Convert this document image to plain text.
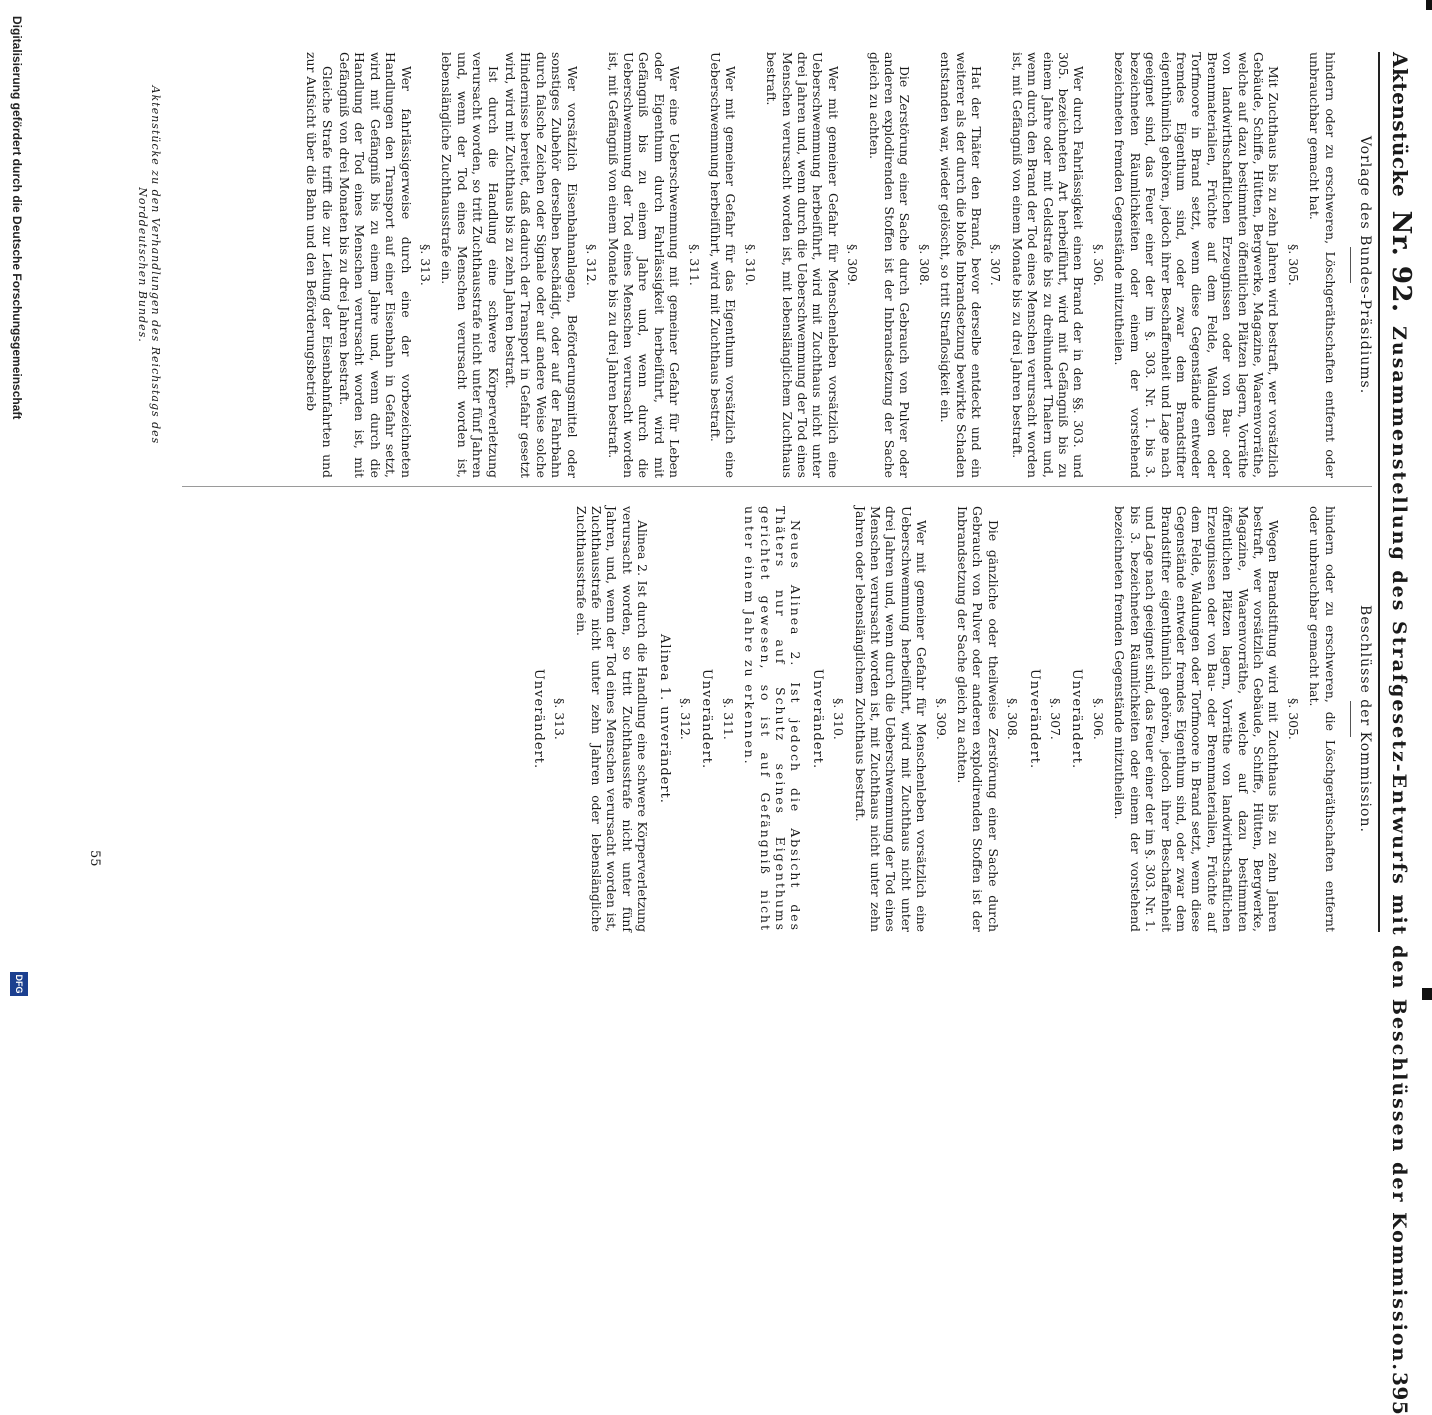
Aktenstücke Nr. 92. Zusammenstellung des Strafgesetz-Entwurfs mit den Beschlüssen der Kommission.
395
Vorlage des Bundes-Präsidiums.
hindern oder zu erschweren, Löschgeräthschaften entfernt oder unbrauchbar gemacht hat.
§. 305.
Mit Zuchthaus bis zu zehn Jahren wird bestraft, wer vorsätzlich Gebäude, Schiffe, Hütten, Bergwerke, Magazine, Waarenvorräthe, welche auf dazu bestimmten öffentlichen Plätzen lagern, Vorräthe von landwirthschaftlichen Erzeugnissen oder von Bau- oder Brennmaterialien, Früchte auf dem Felde, Waldungen oder Torfmoore in Brand setzt, wenn diese Gegenstände entweder fremdes Eigenthum sind, oder zwar dem Brandstifter eigenthümlich gehören, jedoch ihrer Beschaffenheit und Lage nach geeignet sind, das Feuer einer der im §. 303. Nr. 1. bis 3. bezeichneten Räumlichkeiten oder einem der vorstehend bezeichneten fremden Gegenstände mitzutheilen.
§. 306.
Wer durch Fahrlässigkeit einen Brand der in den §§. 303. und 305. bezeichneten Art herbeiführt, wird mit Gefängniß bis zu einem Jahre oder mit Geldstrafe bis zu dreihundert Thalern und, wenn durch den Brand der Tod eines Menschen verursacht worden ist, mit Gefängniß von einem Monate bis zu drei Jahren bestraft.
§. 307.
Hat der Thäter den Brand, bevor derselbe entdeckt und ein weiterer als der durch die bloße Inbrandsetzung bewirkte Schaden entstanden war, wieder gelöscht, so tritt Straflosigkeit ein.
§. 308.
Die Zerstörung einer Sache durch Gebrauch von Pulver oder anderen explodirenden Stoffen ist der Inbrandsetzung der Sache gleich zu achten.
§. 309.
Wer mit gemeiner Gefahr für Menschenleben vorsätzlich eine Ueberschwemmung herbeiführt, wird mit Zuchthaus nicht unter drei Jahren und, wenn durch die Ueberschwemmung der Tod eines Menschen verursacht worden ist, mit lebenslänglichem Zuchthaus bestraft.
§. 310.
Wer mit gemeiner Gefahr für das Eigenthum vorsätzlich eine Ueberschwemmung herbeiführt, wird mit Zuchthaus bestraft.
§. 311.
Wer eine Ueberschwemmung mit gemeiner Gefahr für Leben oder Eigenthum durch Fahrlässigkeit herbeiführt, wird mit Gefängniß bis zu einem Jahre und, wenn durch die Ueberschwemmung der Tod eines Menschen verursacht worden ist, mit Gefängniß von einem Monate bis zu drei Jahren bestraft.
§. 312.
Wer vorsätzlich Eisenbahnanlagen, Beförderungsmittel oder sonstiges Zubehör derselben beschädigt, oder auf der Fahrbahn durch falsche Zeichen oder Signale oder auf andere Weise solche Hindernisse bereitet, daß dadurch der Transport in Gefahr gesetzt wird, wird mit Zuchthaus bis zu zehn Jahren bestraft.
Ist durch die Handlung eine schwere Körperverletzung verursacht worden, so tritt Zuchthausstrafe nicht unter fünf Jahren und, wenn der Tod eines Menschen verursacht worden ist, lebenslängliche Zuchthausstrafe ein.
§. 313.
Wer fahrlässigerweise durch eine der vorbezeichneten Handlungen den Transport auf einer Eisenbahn in Gefahr setzt, wird mit Gefängniß bis zu einem Jahre und, wenn durch die Handlung der Tod eines Menschen verursacht worden ist, mit Gefängniß von drei Monaten bis zu drei Jahren bestraft.
Gleiche Strafe trifft die zur Leitung der Eisenbahnfahrten und zur Aufsicht über die Bahn und den Beförderungsbetrieb
Beschlüsse der Kommission.
hindern oder zu erschweren, die Löschgeräthschaften entfernt oder unbrauchbar gemacht hat.
§. 305.
Wegen Brandstiftung wird mit Zuchthaus bis zu zehn Jahren bestraft, wer vorsätzlich Gebäude, Schiffe, Hütten, Bergwerke, Magazine, Waarenvorräthe, welche auf dazu bestimmten öffentlichen Plätzen lagern, Vorräthe von landwirthschaftlichen Erzeugnissen oder von Bau- oder Brennmaterialien, Früchte auf dem Felde, Waldungen oder Torfmoore in Brand setzt, wenn diese Gegenstände entweder fremdes Eigenthum sind, oder zwar dem Brandstifter eigenthümlich gehören, jedoch ihrer Beschaffenheit und Lage nach geeignet sind, das Feuer einer der im §. 303. Nr. 1. bis 3. bezeichneten Räumlichkeiten oder einem der vorstehend bezeichneten fremden Gegenstände mitzutheilen.
§. 306.
Unverändert.
§. 307.
Unverändert.
§. 308.
Die gänzliche oder theilweise Zerstörung einer Sache durch Gebrauch von Pulver oder anderen explodirenden Stoffen ist der Inbrandsetzung der Sache gleich zu achten.
§. 309.
Wer mit gemeiner Gefahr für Menschenleben vorsätzlich eine Ueberschwemmung herbeiführt, wird mit Zuchthaus nicht unter drei Jahren und, wenn durch die Ueberschwemmung der Tod eines Menschen verursacht worden ist, mit Zuchthaus nicht unter zehn Jahren oder lebenslänglichem Zuchthaus bestraft.
§. 310.
Unverändert.
Neues Alinea 2. Ist jedoch die Absicht des Thäters nur auf Schutz seines Eigenthums gerichtet gewesen, so ist auf Gefängniß nicht unter einem Jahre zu erkennen.
§. 311.
Unverändert.
§. 312.
Alinea 1. unverändert.
Alinea 2. Ist durch die Handlung eine schwere Körperverletzung verursacht worden, so tritt Zuchthausstrafe nicht unter fünf Jahren, und, wenn der Tod eines Menschen verursacht worden ist, Zuchthausstrafe nicht unter zehn Jahren oder lebenslängliche Zuchthausstrafe ein.
§. 313.
Unverändert.
Aktenstücke zu den Verhandlungen des Reichstags des Norddeutschen Bundes.
55
Digitalisierung gefördert durch die Deutsche Forschungsgemeinschaft
DFG
